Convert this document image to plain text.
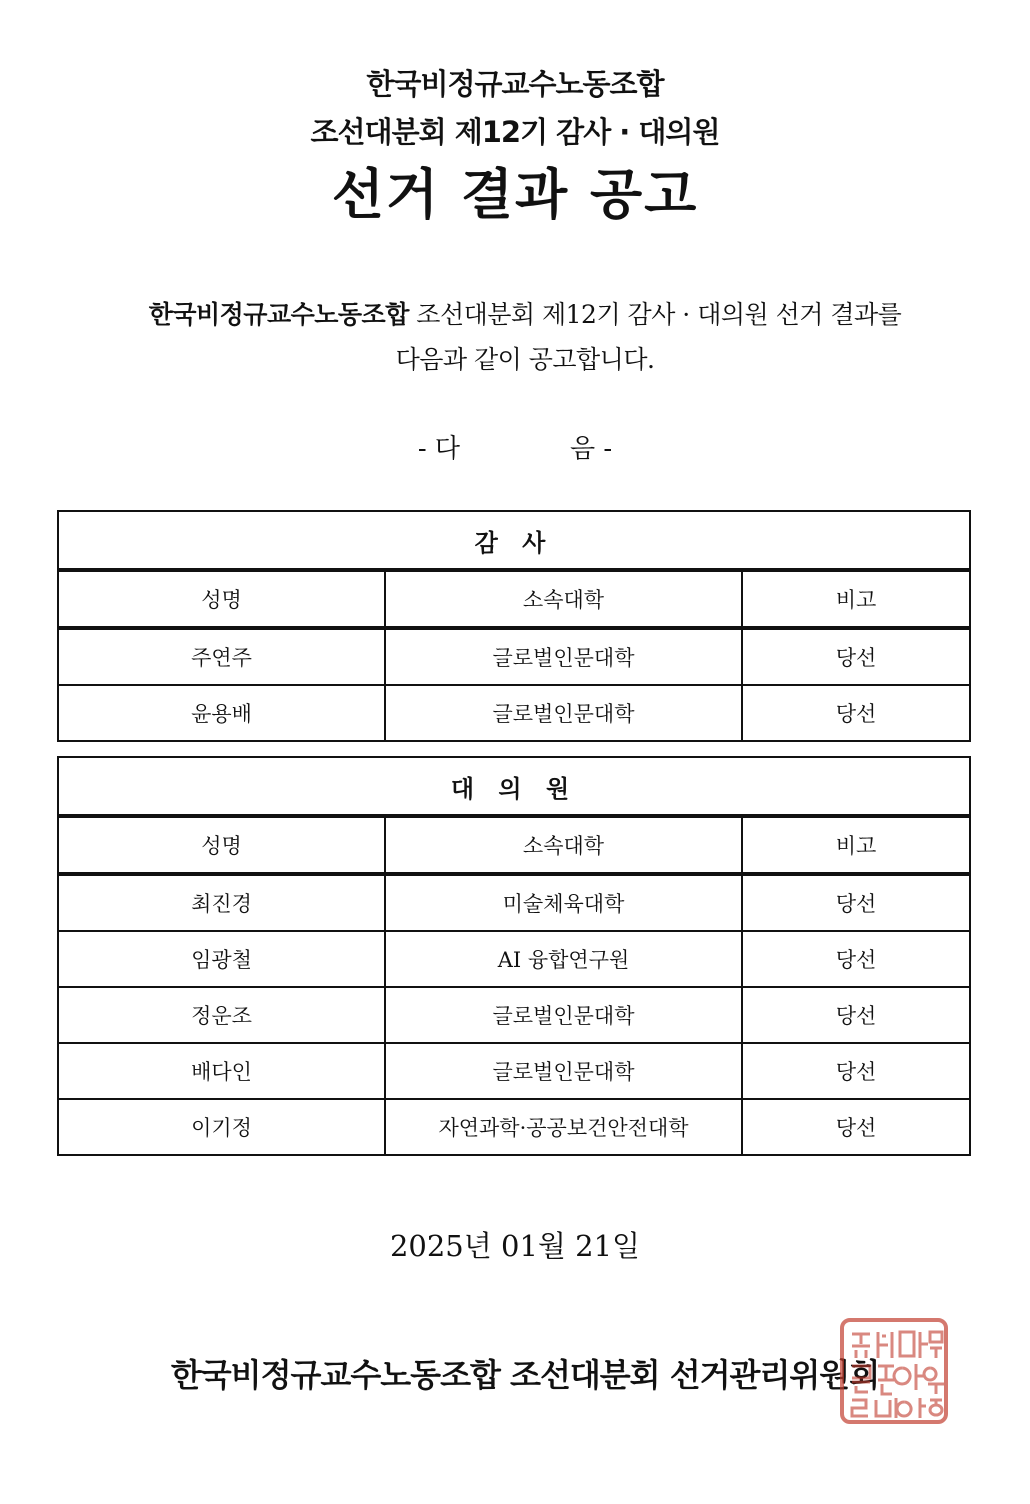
한국비정규교수노동조합
조선대분회 제12기 감사 · 대의원
선거 결과 공고
한국비정규교수노동조합 조선대분회 제12기 감사 · 대의원 선거 결과를
다음과 같이 공고합니다.
- 다	음 -
감 사		
성명	소속대학	비고
주연주	글로벌인문대학	당선
윤용배	글로벌인문대학	당선
대 의 원		
성명	소속대학	비고
최진경	미술체육대학	당선
임광철	AI 융합연구원	당선
정운조	글로벌인문대학	당선
배다인	글로벌인문대학	당선
이기정	자연과학·공공보건안전대학	당선
2025년 01월 21일
한국비정규교수노동조합 조선대분회 선거관리위원회
